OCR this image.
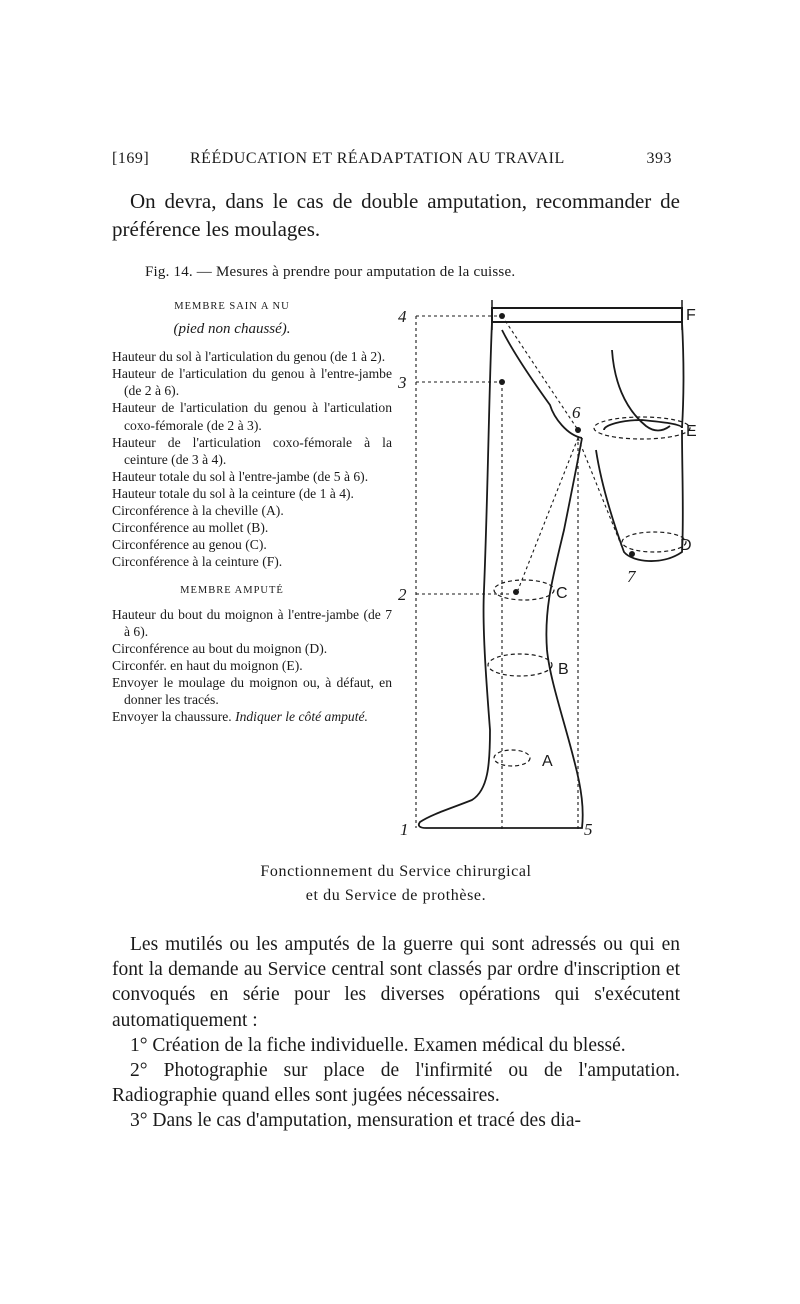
[169]	RÉÉDUCATION ET RÉADAPTATION AU TRAVAIL	393

On devra, dans le cas de double amputation, recommander de préférence les moulages.

Fig. 14. — Mesures à prendre pour amputation de la cuisse.
MEMBRE SAIN A NU
(pied non chaussé).
Hauteur du sol à l'articulation du genou (de 1 à 2).
Hauteur de l'articulation du genou à l'entre-jambe (de 2 à 6).
Hauteur de l'articulation du genou à l'articulation coxo-fémorale (de 2 à 3).
Hauteur de l'articulation coxo-fémorale à la ceinture (de 3 à 4).
Hauteur totale du sol à l'entre-jambe (de 5 à 6).
Hauteur totale du sol à la ceinture (de 1 à 4).
Circonférence à la cheville (A).
Circonférence au mollet (B).
Circonférence au genou (C).
Circonférence à la ceinture (F).
MEMBRE AMPUTÉ
Hauteur du bout du moignon à l'entre-jambe (de 7 à 6).
Circonférence au bout du moignon (D).
Circonfér. en haut du moignon (E).
Envoyer le moulage du moignon ou, à défaut, en donner les tracés.
Envoyer la chaussure. Indiquer le côté amputé.
4
3
6
7
2
1	5
F
E
D
C
B
A
Fonctionnement du Service chirurgical
et du Service de prothèse.

Les mutilés ou les amputés de la guerre qui sont adressés ou qui en font la demande au Service central sont classés par ordre d'inscription et convoqués en série pour les diverses opérations qui s'exécutent automatiquement :

1° Création de la fiche individuelle. Examen médical du blessé.

2° Photographie sur place de l'infirmité ou de l'amputation. Radiographie quand elles sont jugées nécessaires.

3° Dans le cas d'amputation, mensuration et tracé des dia-
